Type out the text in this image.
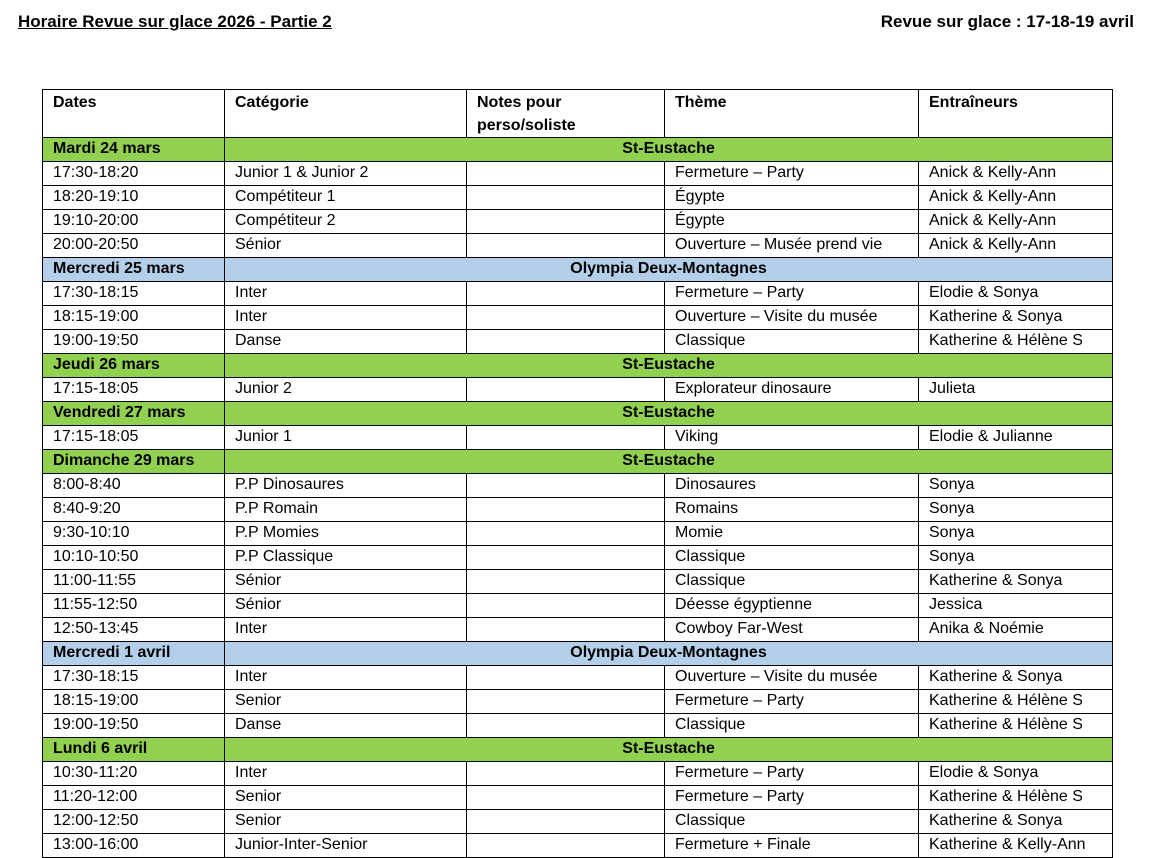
Horaire Revue sur glace 2026 - Partie 2	Revue sur glace : 17-18-19 avril
Dates	Catégorie	Notes pour perso/soliste	Thème	Entraîneurs
Mardi 24 mars	St-Eustache			
17:30-18:20	Junior 1 & Junior 2		Fermeture – Party	Anick & Kelly-Ann
18:20-19:10	Compétiteur 1		Égypte	Anick & Kelly-Ann
19:10-20:00	Compétiteur 2		Égypte	Anick & Kelly-Ann
20:00-20:50	Sénior		Ouverture – Musée prend vie	Anick & Kelly-Ann
Mercredi 25 mars	Olympia Deux-Montagnes			
17:30-18:15	Inter		Fermeture – Party	Elodie & Sonya
18:15-19:00	Inter		Ouverture – Visite du musée	Katherine & Sonya
19:00-19:50	Danse		Classique	Katherine & Hélène S
Jeudi 26 mars	St-Eustache			
17:15-18:05	Junior 2		Explorateur dinosaure	Julieta
Vendredi 27 mars	St-Eustache			
17:15-18:05	Junior 1		Viking	Elodie & Julianne
Dimanche 29 mars	St-Eustache			
8:00-8:40	P.P Dinosaures		Dinosaures	Sonya
8:40-9:20	P.P Romain		Romains	Sonya
9:30-10:10	P.P Momies		Momie	Sonya
10:10-10:50	P.P Classique		Classique	Sonya
11:00-11:55	Sénior		Classique	Katherine & Sonya
11:55-12:50	Sénior		Déesse égyptienne	Jessica
12:50-13:45	Inter		Cowboy Far-West	Anika & Noémie
Mercredi 1 avril	Olympia Deux-Montagnes			
17:30-18:15	Inter		Ouverture – Visite du musée	Katherine & Sonya
18:15-19:00	Senior		Fermeture – Party	Katherine & Hélène S
19:00-19:50	Danse		Classique	Katherine & Hélène S
Lundi 6 avril	St-Eustache			
10:30-11:20	Inter		Fermeture – Party	Elodie & Sonya
11:20-12:00	Senior		Fermeture – Party	Katherine & Hélène S
12:00-12:50	Senior		Classique	Katherine & Sonya
13:00-16:00	Junior-Inter-Senior		Fermeture + Finale	Katherine & Kelly-Ann
